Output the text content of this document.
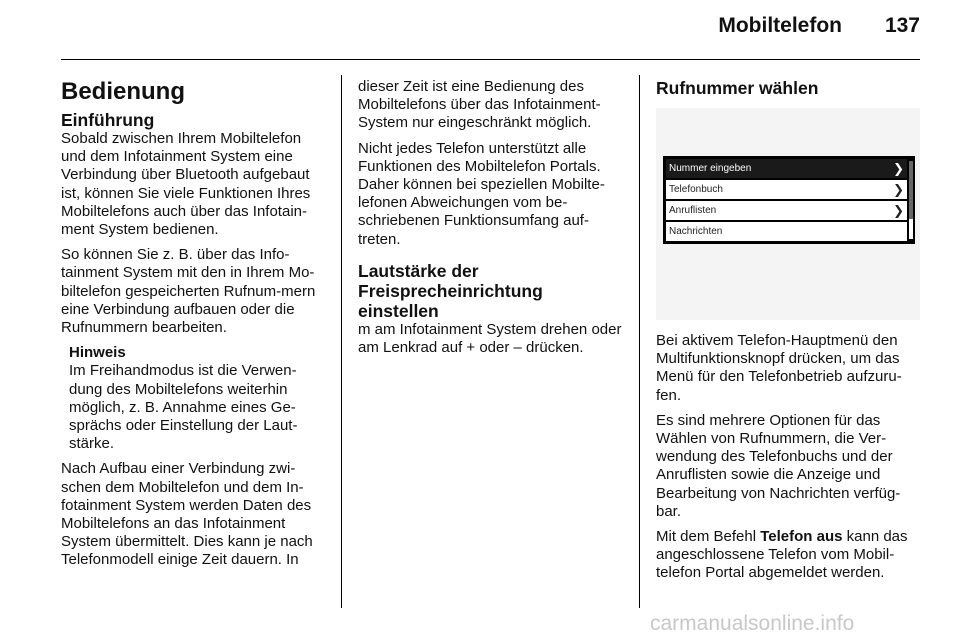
Mobiltelefon 137
Bedienung
Einführung

Sobald zwischen Ihrem Mobiltelefon und dem Infotainment System eine Verbindung über Bluetooth aufgebaut ist, können Sie viele Funktionen Ihres Mobiltelefons auch über das Infotain-ment System bedienen.

So können Sie z. B. über das Info-tainment System mit den in Ihrem Mo-biltelefon gespeicherten Rufnum-mern eine Verbindung aufbauen oder die Rufnummern bearbeiten.

Hinweis
Im Freihandmodus ist die Verwen-dung des Mobiltelefons weiterhin möglich, z. B. Annahme eines Ge-sprächs oder Einstellung der Laut-stärke.

Nach Aufbau einer Verbindung zwi-schen dem Mobiltelefon und dem In-fotainment System werden Daten des Mobiltelefons an das Infotainment System übermittelt. Dies kann je nach Telefonmodell einige Zeit dauern. In

dieser Zeit ist eine Bedienung des Mobiltelefons über das Infotainment-System nur eingeschränkt möglich.

Nicht jedes Telefon unterstützt alle Funktionen des Mobiltelefon Portals. Daher können bei speziellen Mobilte-lefonen Abweichungen vom be-schriebenen Funktionsumfang auf-treten.

Lautstärke der
Freisprecheinrichtung
einstellen

m am Infotainment System drehen oder am Lenkrad auf + oder ‒ drücken.

Rufnummer wählen
Nummer eingeben	❯
Telefonbuch	❯
Anruflisten	❯
Nachrichten

Bei aktivem Telefon-Hauptmenü den Multifunktionsknopf drücken, um das Menü für den Telefonbetrieb aufzuru-fen.

Es sind mehrere Optionen für das Wählen von Rufnummern, die Ver-wendung des Telefonbuchs und der Anruflisten sowie die Anzeige und Bearbeitung von Nachrichten verfüg-bar.

Mit dem Befehl Telefon aus kann das angeschlossene Telefon vom Mobil-telefon Portal abgemeldet werden.

carmanualsonline.info
